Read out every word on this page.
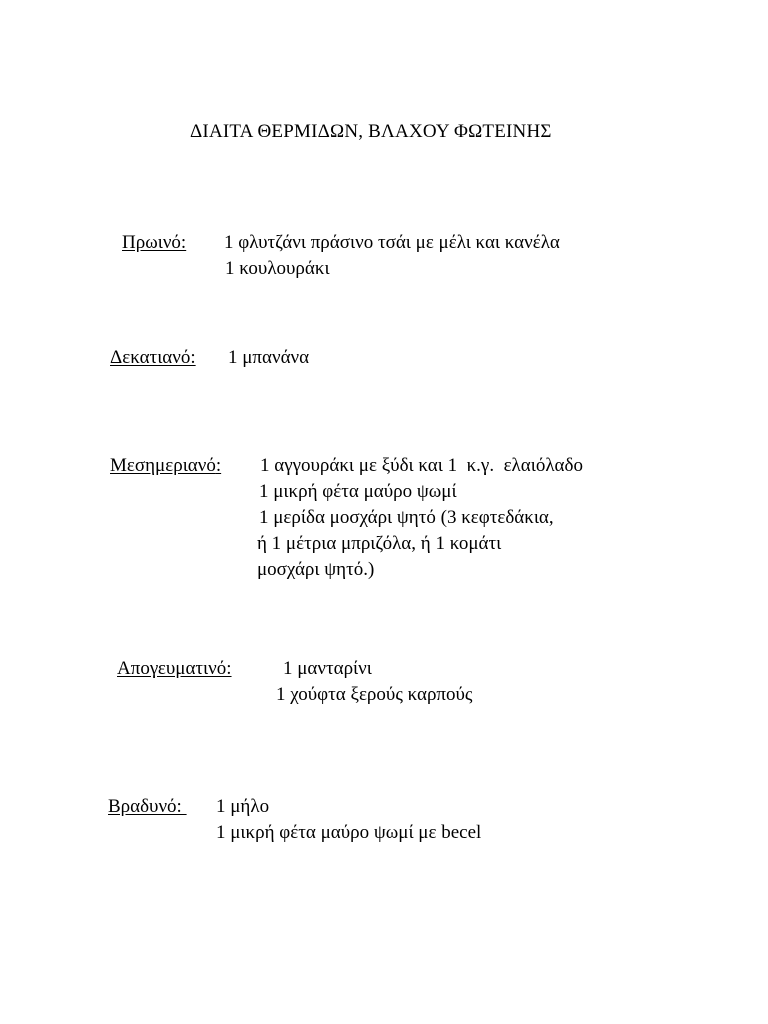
ΔΙΑΙΤΑ ΘΕΡΜΙΔΩΝ, ΒΛΑΧΟΥ ΦΩΤΕΙΝΗΣ
Πρωινό: 1 φλυτζάνι πράσινο τσάι με μέλι και κανέλα
1 κουλουράκι
Δεκατιανό: 1 μπανάνα
Μεσημεριανό: 1 αγγουράκι με ξύδι και 1  κ.γ.  ελαιόλαδο
1 μικρή φέτα μαύρο ψωμί
1 μερίδα μοσχάρι ψητό (3 κεφτεδάκια,
ή 1 μέτρια μπριζόλα, ή 1 κομάτι
μοσχάρι ψητό.)
Απογευματινό:	1 μανταρίνι
1 χούφτα ξερούς καρπούς
Βραδυνό: 1 μήλο
1 μικρή φέτα μαύρο ψωμί με becel
